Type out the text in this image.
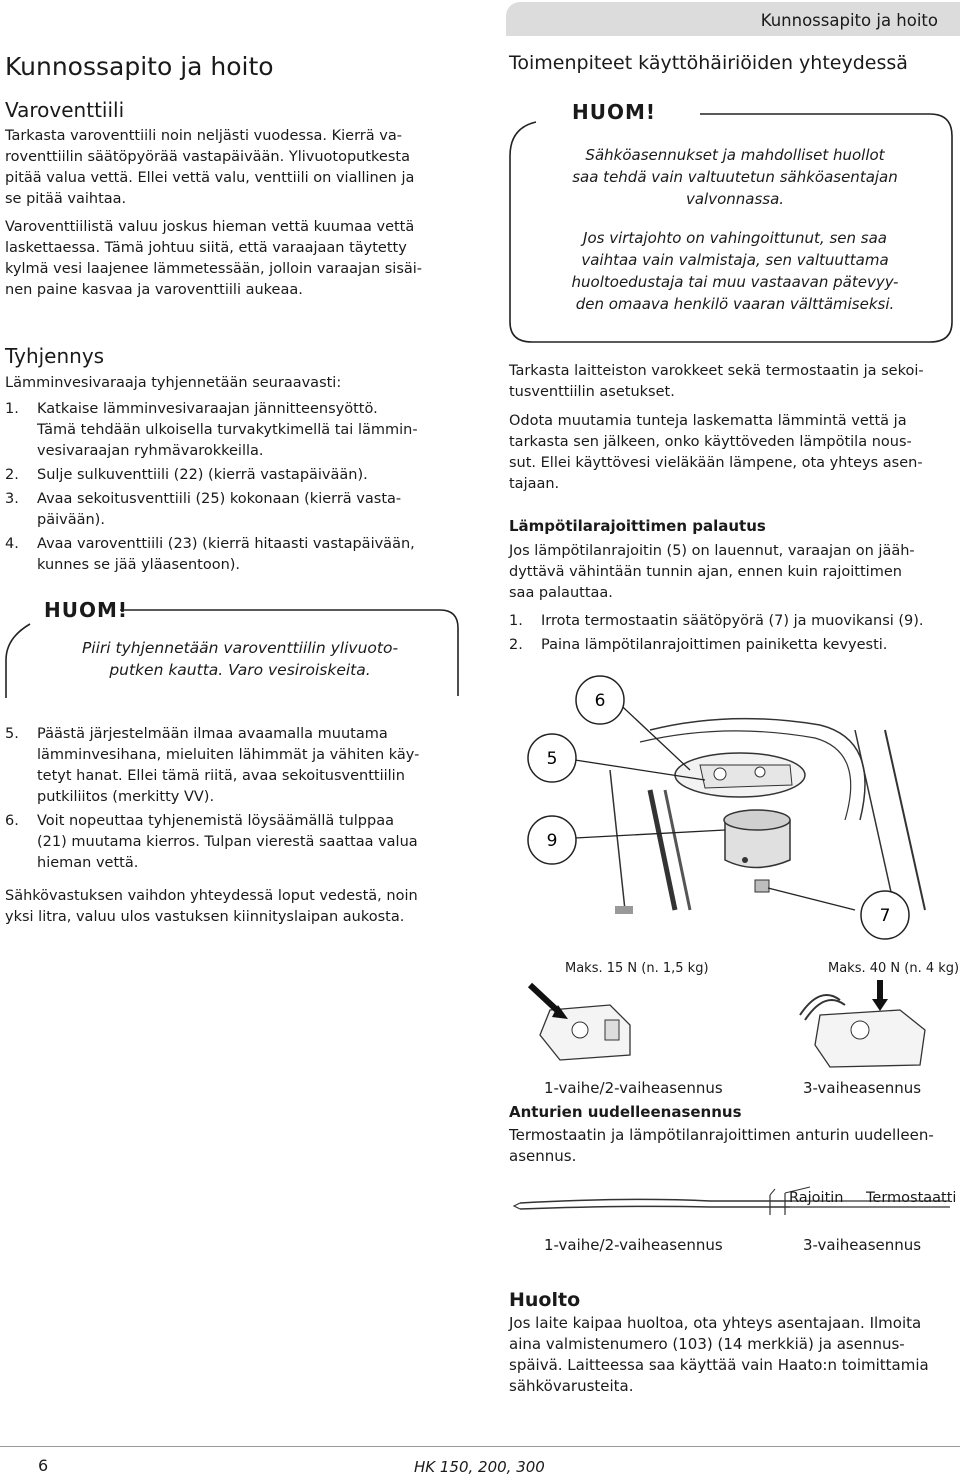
Kunnossapito ja hoito
Kunnossapito ja hoito
Varoventtiili

Tarkasta varoventtiili noin neljästi vuodessa. Kierrä va-

roventtiilin säätöpyörää vastapäivään. Ylivuotoputkesta

pitää valua vettä. Ellei vettä valu, venttiili on viallinen ja

se pitää vaihtaa.

Varoventtiilistä valuu joskus hieman vettä kuumaa vettä

laskettaessa. Tämä johtuu siitä, että varaajaan täytetty

kylmä vesi laajenee lämmetessään, jolloin varaajan sisäi-

nen paine kasvaa ja varoventtiili aukeaa.

Tyhjennys

Lämminvesivaraaja tyhjennetään seuraavasti:

1. Katkaise lämminvesivaraajan jännitteensyöttö.
Tämä tehdään ulkoisella turvakytkimellä tai lämmin-
vesivaraajan ryhmävarokkeilla.
2. Sulje sulkuventtiili (22) (kierrä vastapäivään).
3. Avaa sekoitusventtiili (25) kokonaan (kierrä vasta-
päivään).
4. Avaa varoventtiili (23) (kierrä hitaasti vastapäivään,
kunnes se jää yläasentoon).
HUOM!

Piiri tyhjennetään varoventtiilin ylivuoto-

putken kautta. Varo vesiroiskeita.

5. Päästä järjestelmään ilmaa avaamalla muutama
lämminvesihana, mieluiten lähimmät ja vähiten käy-
tetyt hanat. Ellei tämä riitä, avaa sekoitusventtiilin
putkiliitos (merkitty VV).
6. Voit nopeuttaa tyhjenemistä löysäämällä tulppaa
(21) muutama kierros. Tulpan vierestä saattaa valua
hieman vettä.

Sähkövastuksen vaihdon yhteydessä loput vedestä, noin

yksi litra, valuu ulos vastuksen kiinnityslaipan aukosta.

Toimenpiteet käyttöhäiriöiden yhteydessä
HUOM!

Sähköasennukset ja mahdolliset huollot

saa tehdä vain valtuutetun sähköasentajan

valvonnassa.

Jos virtajohto on vahingoittunut, sen saa

vaihtaa vain valmistaja, sen valtuuttama

huoltoedustaja tai muu vastaavan pätevyy-

den omaava henkilö vaaran välttämiseksi.

Tarkasta laitteiston varokkeet sekä termostaatin ja sekoi-

tusventtiilin asetukset.

Odota muutamia tunteja laskematta lämmintä vettä ja

tarkasta sen jälkeen, onko käyttöveden lämpötila nous-

sut. Ellei käyttövesi vieläkään lämpene, ota yhteys asen-

tajaan.

Lämpötilarajoittimen palautus

Jos lämpötilanrajoitin (5) on lauennut, varaajan on jääh-

dyttävä vähintään tunnin ajan, ennen kuin rajoittimen

saa palauttaa.

1. Irrota termostaatin säätöpyörä (7) ja muovikansi (9).
2. Paina lämpötilanrajoittimen painiketta kevyesti.
6
5
9
7
Maks. 15 N (n. 1,5 kg)	Maks. 40 N (n. 4 kg)
1-vaihe/2-vaiheasennus	3-vaiheasennus
Anturien uudelleenasennus

Termostaatin ja lämpötilanrajoittimen anturin uudelleen-

asennus.

Rajoitin Termostaatti
1-vaihe/2-vaiheasennus	3-vaiheasennus
Huolto

Jos laite kaipaa huoltoa, ota yhteys asentajaan. Ilmoita

aina valmistenumero (103) (14 merkkiä) ja asennus-

späivä. Laitteessa saa käyttää vain Haato:n toimittamia

sähkövarusteita.

6	HK 150, 200, 300
